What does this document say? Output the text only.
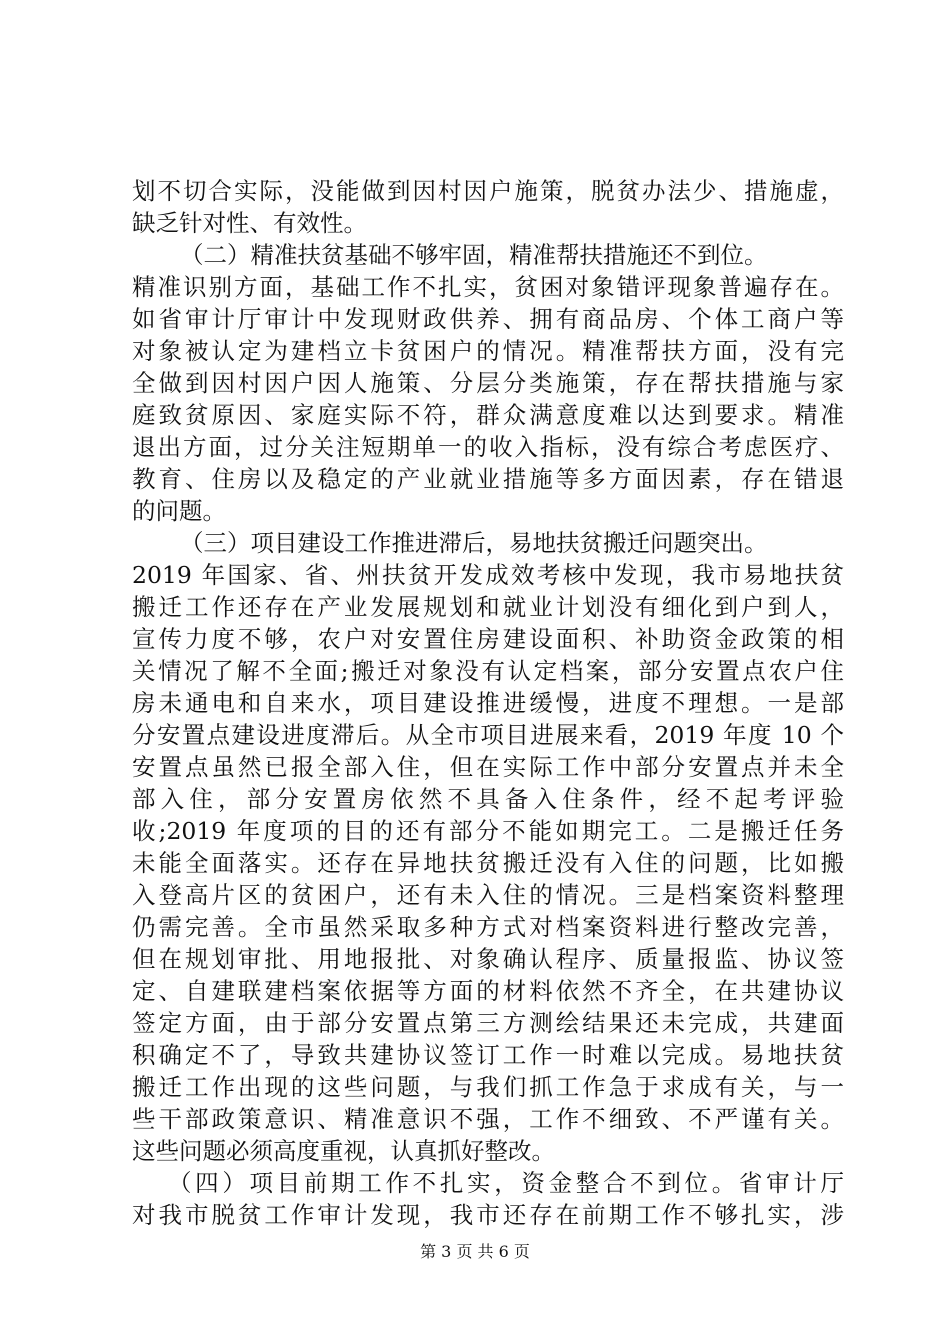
划不切合实际，没能做到因村因户施策，脱贫办法少、措施虚，
缺乏针对性、有效性。
（二）精准扶贫基础不够牢固，精准帮扶措施还不到位。
精准识别方面，基础工作不扎实，贫困对象错评现象普遍存在。
如省审计厅审计中发现财政供养、拥有商品房、个体工商户等
对象被认定为建档立卡贫困户的情况。精准帮扶方面，没有完
全做到因村因户因人施策、分层分类施策，存在帮扶措施与家
庭致贫原因、家庭实际不符，群众满意度难以达到要求。精准
退出方面，过分关注短期单一的收入指标，没有综合考虑医疗、
教育、住房以及稳定的产业就业措施等多方面因素，存在错退
的问题。
（三）项目建设工作推进滞后，易地扶贫搬迁问题突出。
2019 年国家、省、州扶贫开发成效考核中发现，我市易地扶贫
搬迁工作还存在产业发展规划和就业计划没有细化到户到人，
宣传力度不够，农户对安置住房建设面积、补助资金政策的相
关情况了解不全面;搬迁对象没有认定档案，部分安置点农户住
房未通电和自来水，项目建设推进缓慢，进度不理想。一是部
分安置点建设进度滞后。从全市项目进展来看，2019 年度 10 个
安置点虽然已报全部入住，但在实际工作中部分安置点并未全
部入住，部分安置房依然不具备入住条件，经不起考评验
收;2019 年度项的目的还有部分不能如期完工。二是搬迁任务
未能全面落实。还存在异地扶贫搬迁没有入住的问题，比如搬
入登高片区的贫困户，还有未入住的情况。三是档案资料整理
仍需完善。全市虽然采取多种方式对档案资料进行整改完善，
但在规划审批、用地报批、对象确认程序、质量报监、协议签
定、自建联建档案依据等方面的材料依然不齐全，在共建协议
签定方面，由于部分安置点第三方测绘结果还未完成，共建面
积确定不了，导致共建协议签订工作一时难以完成。易地扶贫
搬迁工作出现的这些问题，与我们抓工作急于求成有关，与一
些干部政策意识、精准意识不强，工作不细致、不严谨有关。
这些问题必须高度重视，认真抓好整改。
（四）项目前期工作不扎实，资金整合不到位。省审计厅
对我市脱贫工作审计发现，我市还存在前期工作不够扎实，涉
第 3 页 共 6 页
